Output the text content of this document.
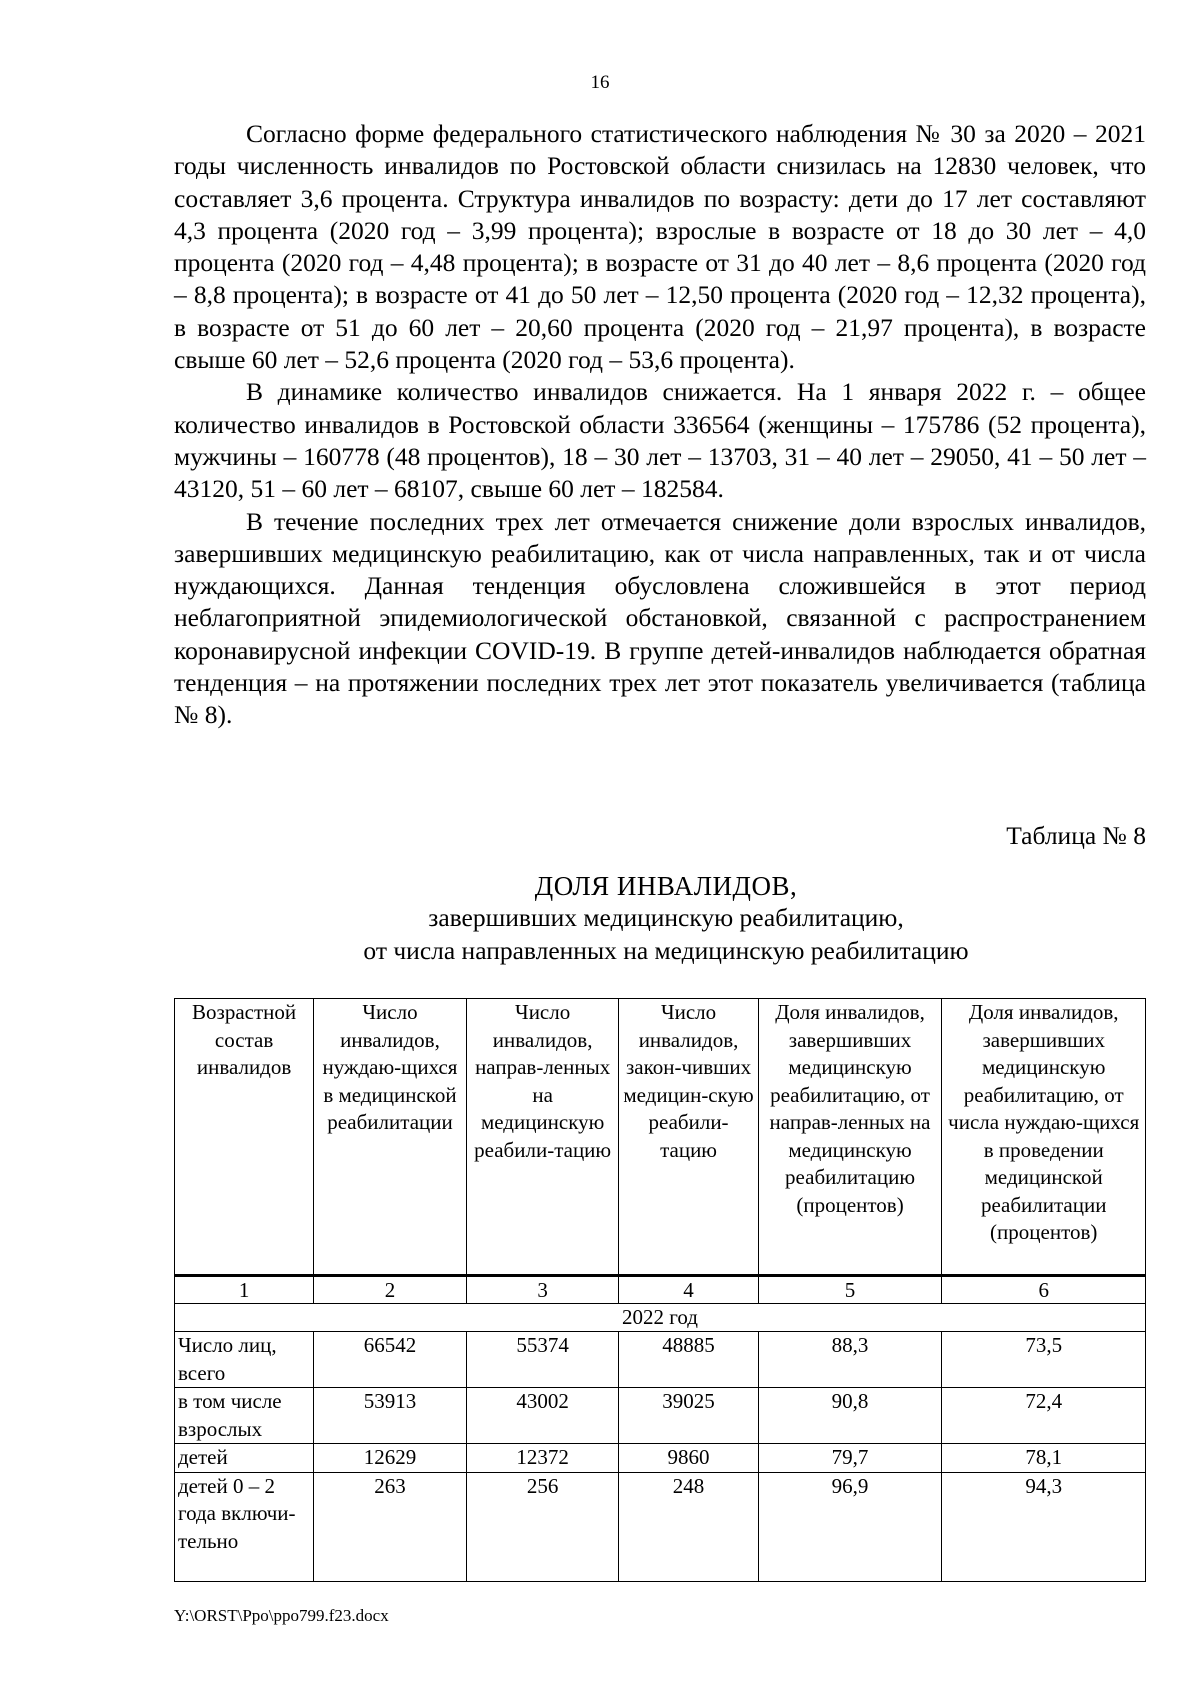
16

Согласно форме федерального статистического наблюдения № 30 за 2020 – 2021 годы численность инвалидов по Ростовской области снизилась на 12830 человек, что составляет 3,6 процента. Структура инвалидов по возрасту: дети до 17 лет составляют 4,3 процента (2020 год – 3,99 процента); взрослые в возрасте от 18 до 30 лет – 4,0 процента (2020 год – 4,48 процента); в возрасте от 31 до 40 лет – 8,6 процента (2020 год – 8,8 процента); в возрасте от 41 до 50 лет – 12,50 процента (2020 год – 12,32 процента), в возрасте от 51 до 60 лет – 20,60 процента (2020 год – 21,97 процента), в возрасте свыше 60 лет – 52,6 процента (2020 год – 53,6 процента).

В динамике количество инвалидов снижается. На 1 января 2022 г. – общее количество инвалидов в Ростовской области 336564 (женщины – 175786 (52 процента), мужчины – 160778 (48 процентов), 18 – 30 лет – 13703, 31 – 40 лет – 29050, 41 – 50 лет – 43120, 51 – 60 лет – 68107, свыше 60 лет – 182584.

В течение последних трех лет отмечается снижение доли взрослых инвалидов, завершивших медицинскую реабилитацию, как от числа направленных, так и от числа нуждающихся. Данная тенденция обусловлена сложившейся в этот период неблагоприятной эпидемиологической обстановкой, связанной с распространением коронавирусной инфекции COVID-19. В группе детей-инвалидов наблюдается обратная тенденция – на протяжении последних трех лет этот показатель увеличивается (таблица № 8).

Таблица № 8
ДОЛЯ ИНВАЛИДОВ,
завершивших медицинскую реабилитацию,
от числа направленных на медицинскую реабилитацию
Возрастной состав инвалидов	Число инвалидов, нуждаю-щихся в медицинской реабилитации	Число инвалидов, направ-ленных на медицинскую реабили-тацию	Число инвалидов, закон-чивших медицин-скую реабили-тацию	Доля инвалидов, завершивших медицинскую реабилитацию, от направ-ленных на медицинскую реабилитацию (процентов)	Доля инвалидов, завершивших медицинскую реабилитацию, от числа нуждаю-щихся в проведении медицинской реабилитации (процентов)
1	2	3	4	5	6
2022 год					
Число лиц, всего	66542	55374	48885	88,3	73,5
в том числе взрослых	53913	43002	39025	90,8	72,4
детей	12629	12372	9860	79,7	78,1
детей 0 – 2 года включи-тельно	263	256	248	96,9	94,3
Y:\ORST\Ppo\ppo799.f23.docx
